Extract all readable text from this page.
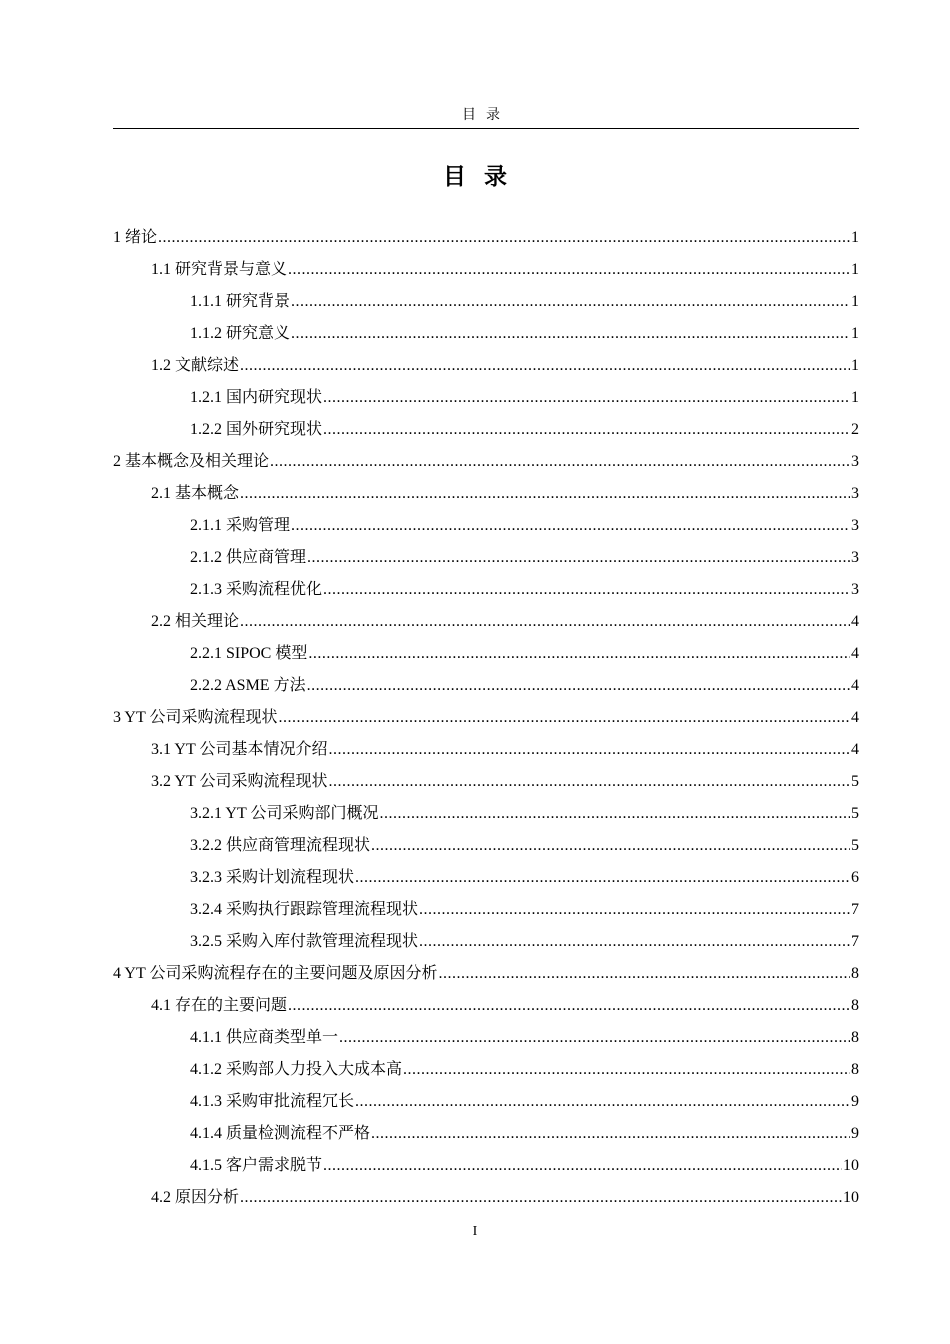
目录
目录
1 绪论 .....	1
1.1 研究背景与意义 .....	1
1.1.1 研究背景 .....	1
1.1.2 研究意义 .....	1
1.2 文献综述 .....	1
1.2.1 国内研究现状 .....	1
1.2.2 国外研究现状 .....	2
2 基本概念及相关理论 .....	3
2.1 基本概念 .....	3
2.1.1 采购管理 .....	3
2.1.2 供应商管理 .....	3
2.1.3 采购流程优化 .....	3
2.2 相关理论 .....	4
2.2.1 SIPOC 模型 .....	4
2.2.2 ASME 方法 .....	4
3 YT 公司采购流程现状 .....	4
3.1 YT 公司基本情况介绍 .....	4
3.2 YT 公司采购流程现状 .....	5
3.2.1 YT 公司采购部门概况 .....	5
3.2.2 供应商管理流程现状 .....	5
3.2.3 采购计划流程现状 .....	6
3.2.4 采购执行跟踪管理流程现状 .....	7
3.2.5 采购入库付款管理流程现状 .....	7
4 YT 公司采购流程存在的主要问题及原因分析 .....	8
4.1 存在的主要问题 .....	8
4.1.1 供应商类型单一 .....	8
4.1.2 采购部人力投入大成本高 .....	8
4.1.3 采购审批流程冗长 .....	9
4.1.4 质量检测流程不严格 .....	9
4.1.5 客户需求脱节 .....	10
4.2 原因分析 .....	10
I
